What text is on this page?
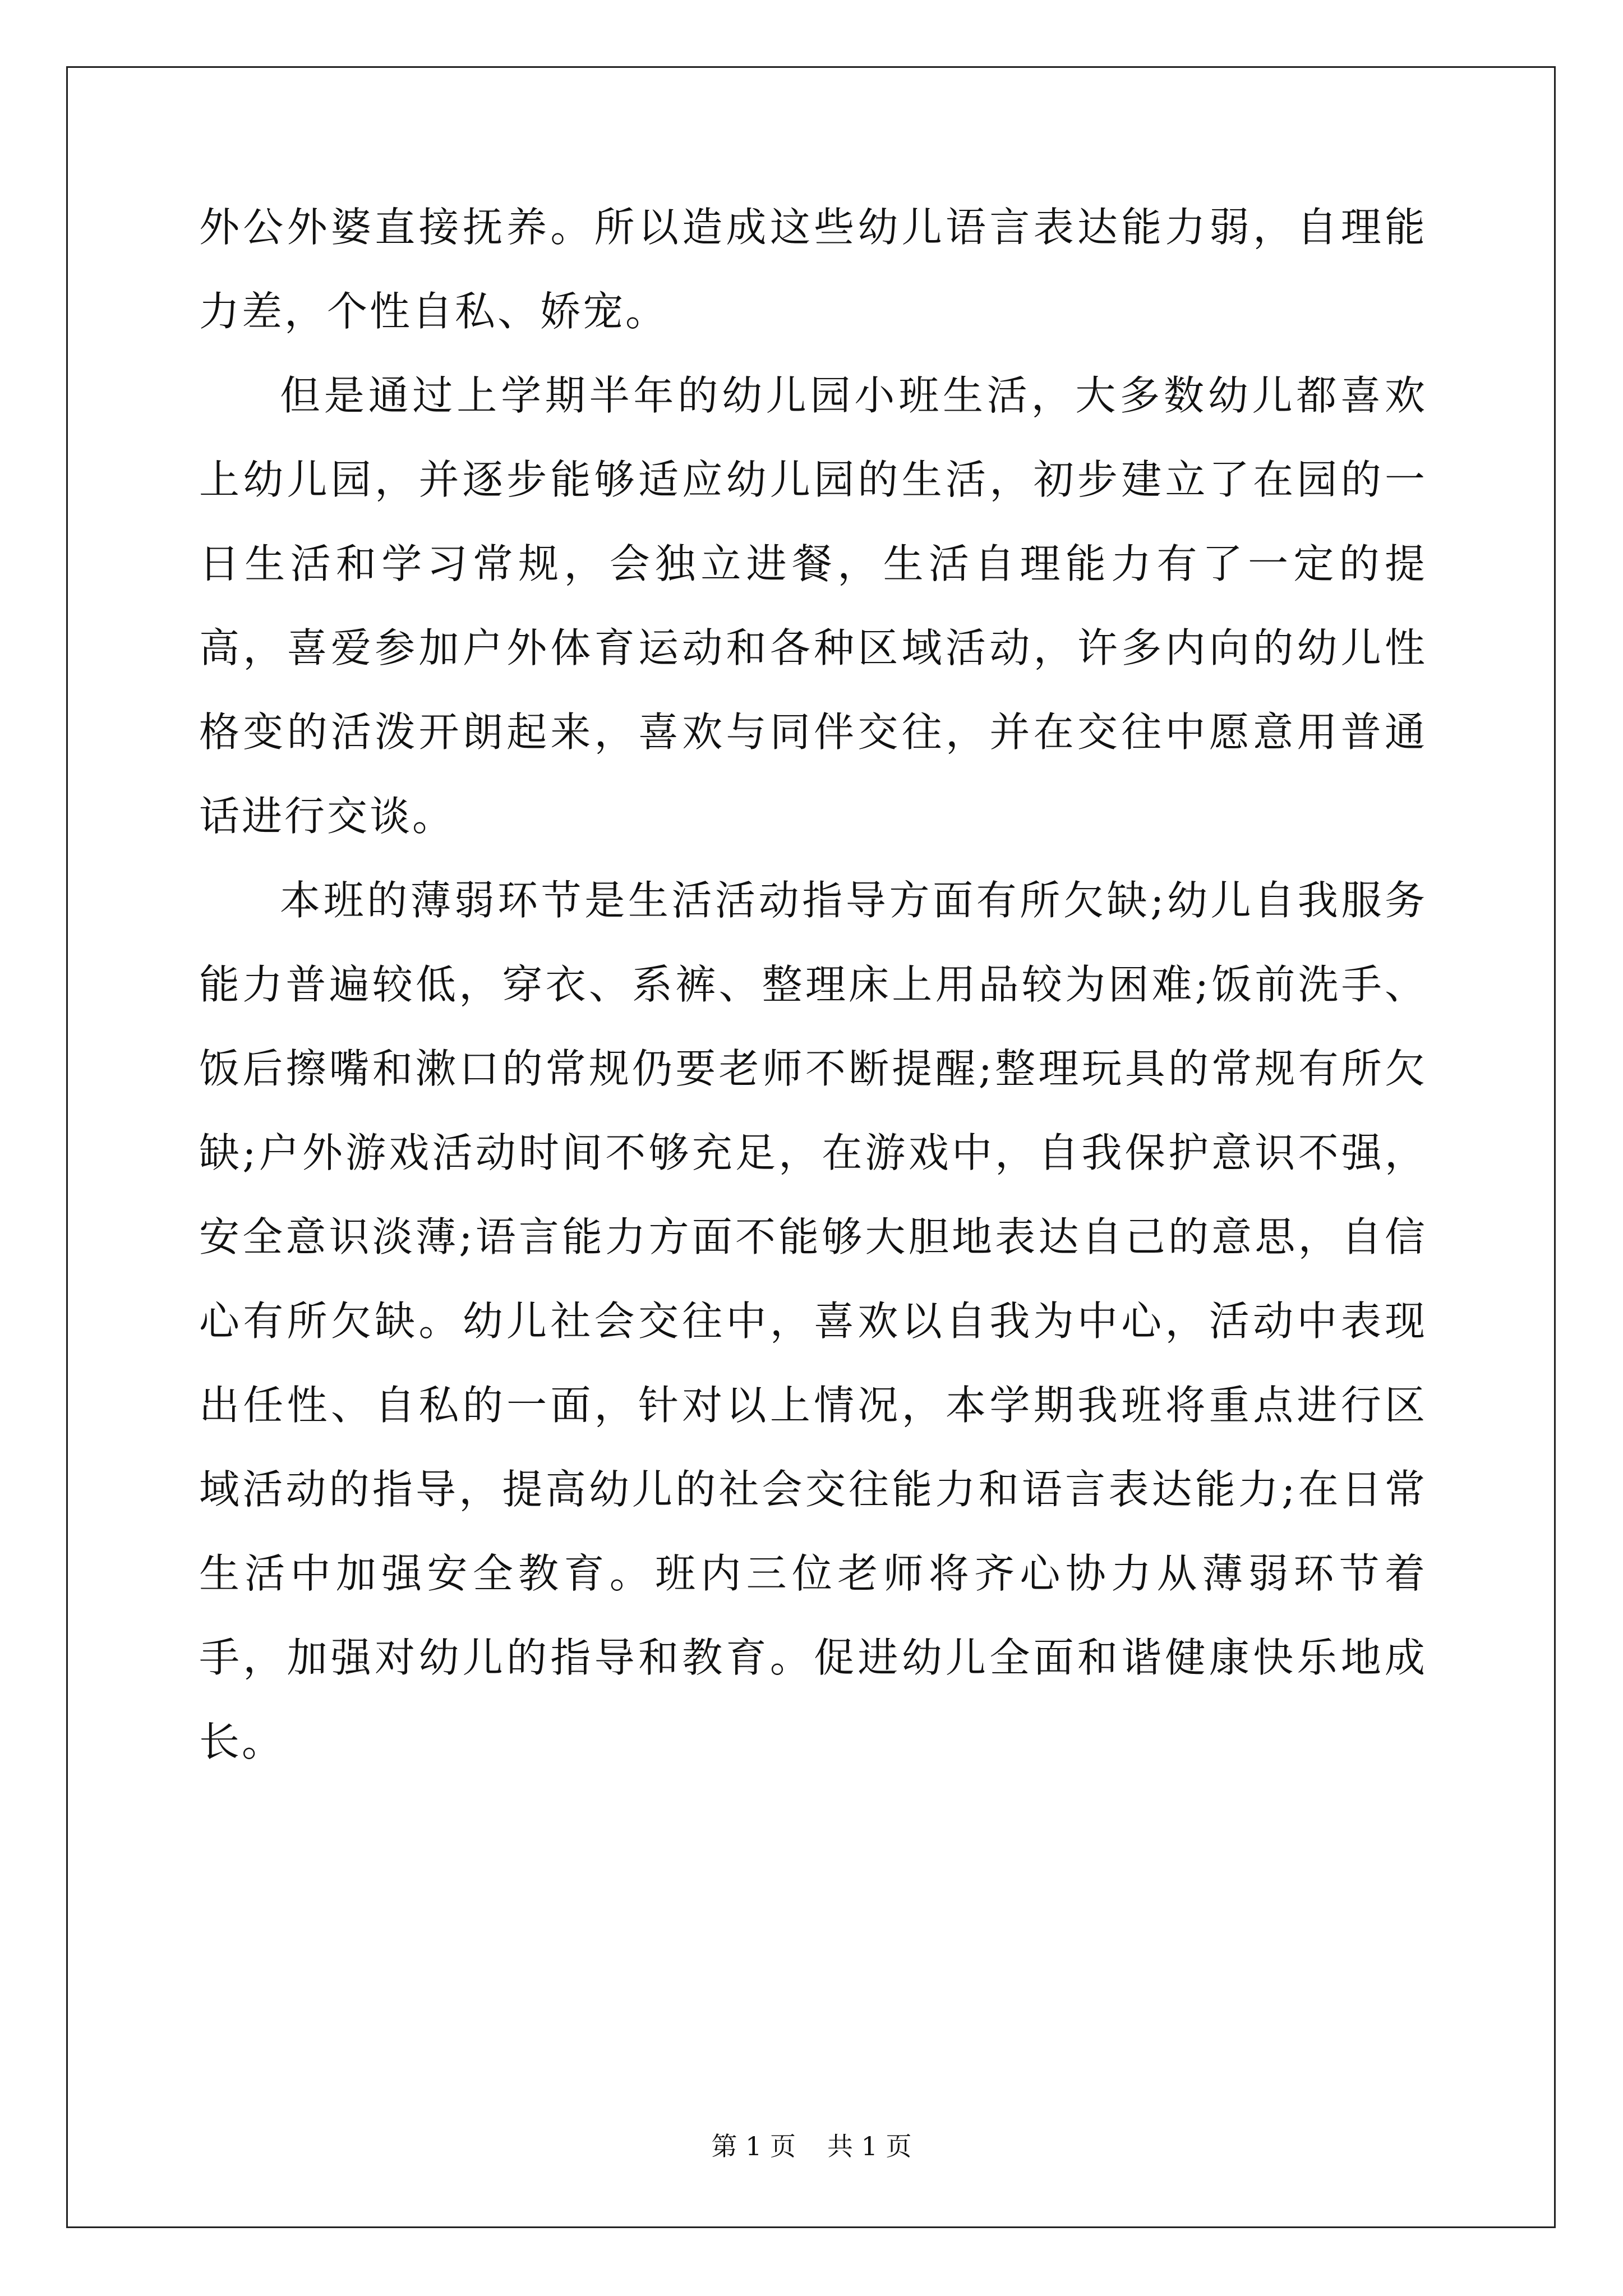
外公外婆直接抚养。所以造成这些幼儿语言表达能力弱，自理能力差，个性自私、娇宠。

但是通过上学期半年的幼儿园小班生活，大多数幼儿都喜欢上幼儿园，并逐步能够适应幼儿园的生活，初步建立了在园的一日生活和学习常规，会独立进餐，生活自理能力有了一定的提高，喜爱参加户外体育运动和各种区域活动，许多内向的幼儿性格变的活泼开朗起来，喜欢与同伴交往，并在交往中愿意用普通话进行交谈。

本班的薄弱环节是生活活动指导方面有所欠缺;幼儿自我服务能力普遍较低，穿衣、系裤、整理床上用品较为困难;饭前洗手、饭后擦嘴和漱口的常规仍要老师不断提醒;整理玩具的常规有所欠缺;户外游戏活动时间不够充足，在游戏中，自我保护意识不强，安全意识淡薄;语言能力方面不能够大胆地表达自己的意思，自信心有所欠缺。幼儿社会交往中，喜欢以自我为中心，活动中表现出任性、自私的一面，针对以上情况，本学期我班将重点进行区域活动的指导，提高幼儿的社会交往能力和语言表达能力;在日常生活中加强安全教育。班内三位老师将齐心协力从薄弱环节着手，加强对幼儿的指导和教育。促进幼儿全面和谐健康快乐地成长。

第 1 页 共 1 页
